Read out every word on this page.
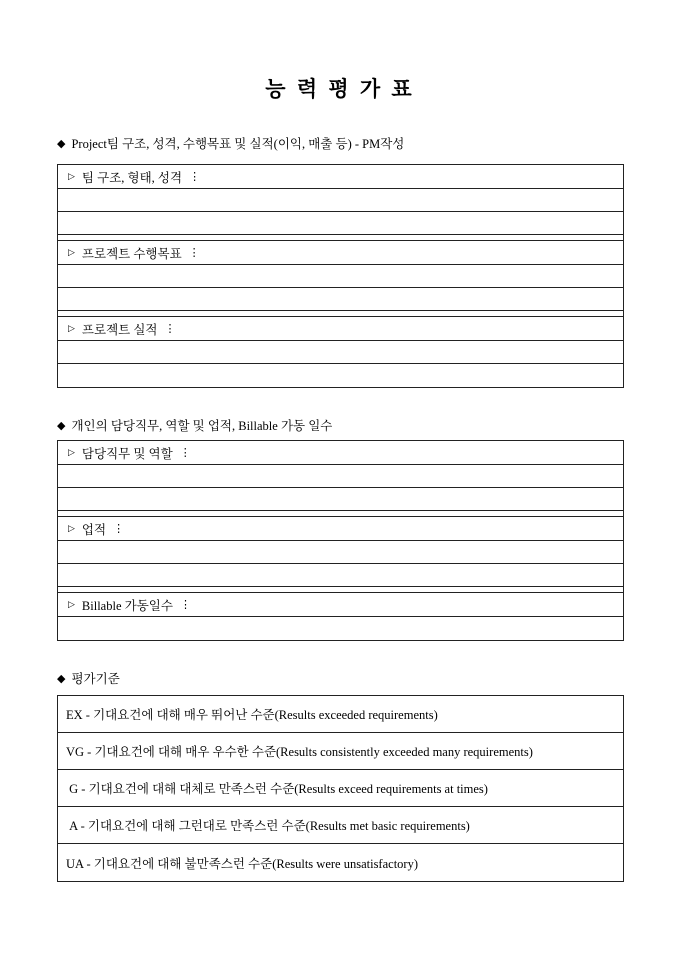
능 력 평 가 표
◆ Project팀 구조, 성격, 수행목표 및 실적(이익, 매출 등) - PM작성
▷ 팀 구조, 형태, 성격 ⋮
▷ 프로젝트 수행목표 ⋮
▷ 프로젝트 실적 ⋮
◆ 개인의 담당직무, 역할 및 업적, Billable 가동 일수
▷ 담당직무 및 역할 ⋮
▷ 업적 ⋮
▷ Billable 가동일수 ⋮
◆ 평가기준
EX - 기대요건에 대해 매우 뛰어난 수준(Results exceeded requirements)
VG - 기대요건에 대해 매우 우수한 수준(Results consistently exceeded many requirements)
G - 기대요건에 대해 대체로 만족스런 수준(Results exceed requirements at times)
A - 기대요건에 대해 그런대로 만족스런 수준(Results met basic requirements)
UA - 기대요건에 대해 불만족스런 수준(Results were unsatisfactory)
